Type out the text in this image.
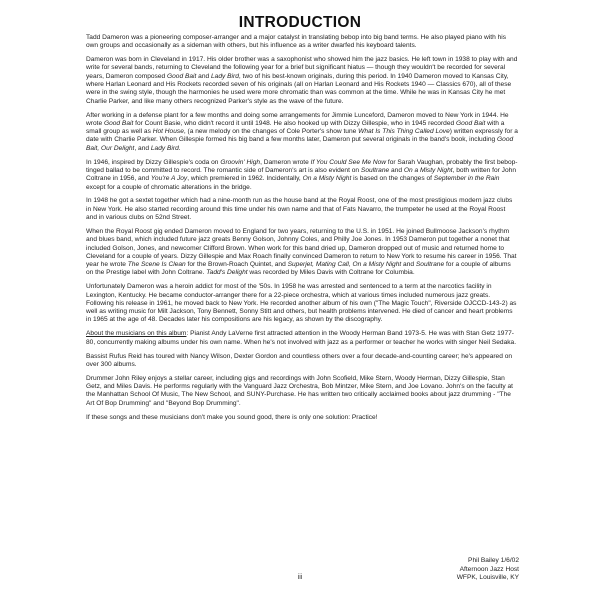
INTRODUCTION

Tadd Dameron was a pioneering composer-arranger and a major catalyst in translating bebop into big band terms. He also played piano with his own groups and occasionally as a sideman with others, but his influence as a writer dwarfed his keyboard talents.

Dameron was born in Cleveland in 1917. His older brother was a saxophonist who showed him the jazz basics. He left town in 1938 to play with and write for several bands, returning to Cleveland the following year for a brief but significant hiatus — though they wouldn't be recorded for several years, Dameron composed Good Bait and Lady Bird, two of his best-known originals, during this period. In 1940 Dameron moved to Kansas City, where Harlan Leonard and His Rockets recorded seven of his originals (all on Harlan Leonard and His Rockets 1940 — Classics 670), all of these were in the swing style, though the harmonies he used were more chromatic than was common at the time. While he was in Kansas City he met Charlie Parker, and like many others recognized Parker's style as the wave of the future.

After working in a defense plant for a few months and doing some arrangements for Jimmie Lunceford, Dameron moved to New York in 1944. He wrote Good Bait for Count Basie, who didn't record it until 1948. He also hooked up with Dizzy Gillespie, who in 1945 recorded Good Bait with a small group as well as Hot House, (a new melody on the changes of Cole Porter's show tune What Is This Thing Called Love) written expressly for a date with Charlie Parker. When Gillespie formed his big band a few months later, Dameron put several originals in the band's book, including Good Bait, Our Delight, and Lady Bird.

In 1946, inspired by Dizzy Gillespie's coda on Groovin' High, Dameron wrote If You Could See Me Now for Sarah Vaughan, probably the first bebop-tinged ballad to be committed to record. The romantic side of Dameron's art is also evident on Soultrane and On a Misty Night, both written for John Coltrane in 1956, and You're A Joy, which premiered in 1962. Incidentally, On a Misty Night is based on the changes of September in the Rain except for a couple of chromatic alterations in the bridge.

In 1948 he got a sextet together which had a nine-month run as the house band at the Royal Roost, one of the most prestigious modern jazz clubs in New York. He also started recording around this time under his own name and that of Fats Navarro, the trumpeter he used at the Royal Roost and in various clubs on 52nd Street.

When the Royal Roost gig ended Dameron moved to England for two years, returning to the U.S. in 1951. He joined Bullmoose Jackson's rhythm and blues band, which included future jazz greats Benny Golson, Johnny Coles, and Philly Joe Jones. In 1953 Dameron put together a nonet that included Golson, Jones, and newcomer Clifford Brown. When work for this band dried up, Dameron dropped out of music and returned home to Cleveland for a couple of years. Dizzy Gillespie and Max Roach finally convinced Dameron to return to New York to resume his career in 1956. That year he wrote The Scene Is Clean for the Brown-Roach Quintet, and Superjet, Mating Call, On a Misty Night and Soultrane for a couple of albums on the Prestige label with John Coltrane. Tadd's Delight was recorded by Miles Davis with Coltrane for Columbia.

Unfortunately Dameron was a heroin addict for most of the '50s. In 1958 he was arrested and sentenced to a term at the narcotics facility in Lexington, Kentucky. He became conductor-arranger there for a 22-piece orchestra, which at various times included numerous jazz greats. Following his release in 1961, he moved back to New York. He recorded another album of his own ("The Magic Touch", Riverside OJCCD-143-2) as well as writing music for Milt Jackson, Tony Bennett, Sonny Stitt and others, but health problems intervened. He died of cancer and heart problems in 1965 at the age of 48. Decades later his compositions are his legacy, as shown by the discography.

About the musicians on this album: Pianist Andy LaVerne first attracted attention in the Woody Herman Band 1973-5. He was with Stan Getz 1977-80, concurrently making albums under his own name. When he's not involved with jazz as a performer or teacher he works with singer Neil Sedaka.

Bassist Rufus Reid has toured with Nancy Wilson, Dexter Gordon and countless others over a four decade-and-counting career; he's appeared on over 300 albums.

Drummer John Riley enjoys a stellar career, including gigs and recordings with John Scofield, Mike Stern, Woody Herman, Dizzy Gillespie, Stan Getz, and Miles Davis. He performs regularly with the Vanguard Jazz Orchestra, Bob Mintzer, Mike Stern, and Joe Lovano. John's on the faculty at the Manhattan School Of Music, The New School, and SUNY-Purchase. He has written two critically acclaimed books about jazz drumming - "The Art Of Bop Drumming" and "Beyond Bop Drumming".

If these songs and these musicians don't make you sound good, there is only one solution: Practice!

Phil Bailey 1/6/02
Afternoon Jazz Host
WFPK, Louisville, KY
iii
